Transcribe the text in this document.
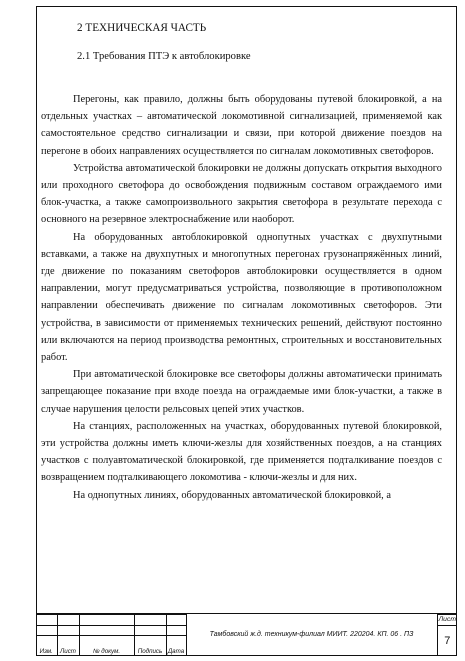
2 ТЕХНИЧЕСКАЯ ЧАСТЬ

2.1 Требования ПТЭ к автоблокировке

Перегоны, как правило, должны быть оборудованы путевой блокировкой, а на отдельных участках – автоматической локомотивной сигнализацией, применяемой как самостоятельное средство сигнализации и связи, при которой движение поездов на перегоне в обоих направлениях осуществляется по сигналам локомотивных светофоров.

Устройства автоматической блокировки не должны допускать открытия выходного или проходного светофора до освобождения подвижным составом ограждаемого ими блок-участка, а также самопроизвольного закрытия светофора в результате перехода с основного на резервное электроснабжение или наоборот.

На оборудованных автоблокировкой однопутных участках с двухпутными вставками, а также на двухпутных и многопутных перегонах грузонапряжённых линий, где движение по показаниям светофоров автоблокировки осуществляется в одном направлении, могут предусматриваться устройства, позволяющие в противоположном направлении обеспечивать движение по сигналам локомотивных светофоров. Эти устройства, в зависимости от применяемых технических решений, действуют постоянно или включаются на период производства ремонтных, строительных и восстановительных работ.

При автоматической блокировке все светофоры должны автоматически принимать запрещающее показание при входе поезда на ограждаемые ими блок-участки, а также в случае нарушения целости рельсовых цепей этих участков.

На станциях, расположенных на участках, оборудованных путевой блокировкой, эти устройства должны иметь ключи-жезлы для хозяйственных поездов, а на станциях участков с полуавтоматической блокировкой, где применяется подталкивание поездов с возвращением подталкивающего локомотива - ключи-жезлы и для них.

На однопутных линиях, оборудованных автоматической блокировкой, а

					Тамбовский ж.д. техникум-филиал МИИТ. 220204. КП. 06 . ПЗ	Лист
						7
Изм.	Лист	№ докум.	Подпись	Дата		
